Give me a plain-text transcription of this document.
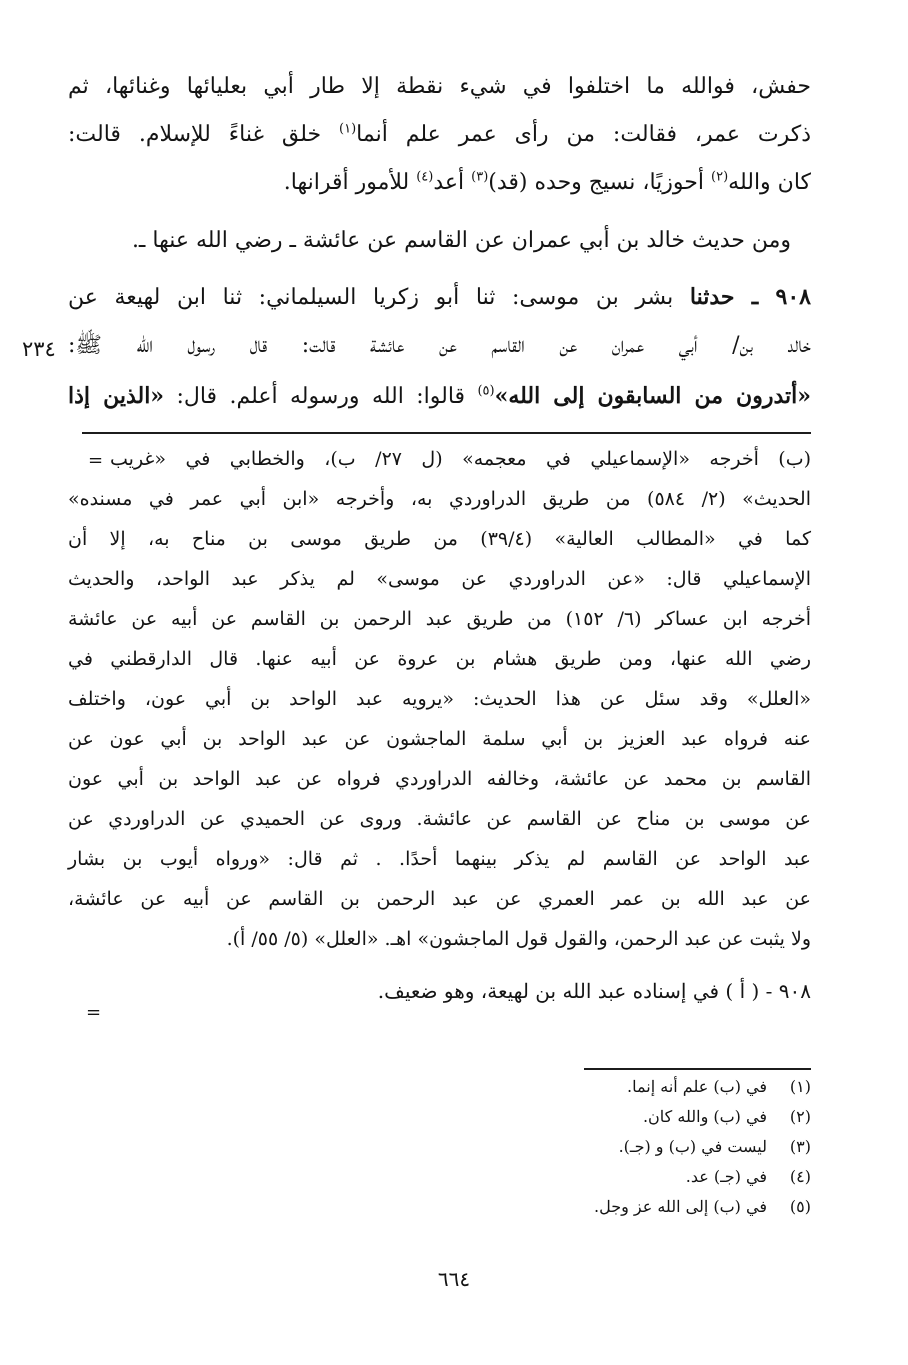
حفش، فوالله ما اختلفوا في شيء نقطة إلا طار أبي بعليائها وغنائها، ثم
ذكرت عمر، فقالت: من رأى عمر علم أنما$^{(١)}$ خلق غناءً للإسلام. قالت:
كان والله$^{(٢)}$ أحوزيًا، نسيج وحده (قد)$^{(٣)}$ أعد$^{(٤)}$ للأمور أقرانها.
ومن حديث خالد بن أبي عمران عن القاسم عن عائشة ـ رضي الله عنها ـ.
٩٠٨ ـ حدثنا بشر بن موسى: ثنا أبو زكريا السيلماني: ثنا ابن لهيعة عن
خالد بن/ أبي عمران عن القاسم عن عائشة قالت: قال رسول الله ﷺ:
٢٣٤
«أتدرون من السابقون إلى الله»$^{(٥)}$ قالوا: الله ورسوله أعلم. قال: «الذين إذا
= (ب) أخرجه «الإسماعيلي في معجمه» (ل ٢٧/ ب)، والخطابي في «غريب
الحديث» (٢/ ٥٨٤) من طريق الدراوردي به، وأخرجه «ابن أبي عمر في مسنده»
كما في «المطالب العالية» (٣٩/٤) من طريق موسى بن مناح به، إلا أن
الإسماعيلي قال: «عن الدراوردي عن موسى» لم يذكر عبد الواحد، والحديث
أخرجه ابن عساكر (٦/ ١٥٢) من طريق عبد الرحمن بن القاسم عن أبيه عن عائشة
رضي الله عنها، ومن طريق هشام بن عروة عن أبيه عنها. قال الدارقطني في
«العلل» وقد سئل عن هذا الحديث: «يرويه عبد الواحد بن أبي عون، واختلف
عنه فرواه عبد العزيز بن أبي سلمة الماجشون عن عبد الواحد بن أبي عون عن
القاسم بن محمد عن عائشة، وخالفه الدراوردي فرواه عن عبد الواحد بن أبي عون
عن موسى بن مناح عن القاسم عن عائشة. وروى عن الحميدي عن الدراوردي عن
عبد الواحد عن القاسم لم يذكر بينهما أحدًا. . ثم قال: «ورواه أيوب بن بشار
عن عبد الله بن عمر العمري عن عبد الرحمن بن القاسم عن أبيه عن عائشة،
ولا يثبت عن عبد الرحمن، والقول قول الماجشون» اهـ. «العلل» (٥/ ٥٥/ أ).
٩٠٨ - ( أ ) في إسناده عبد الله بن لهيعة، وهو ضعيف.
=
(١)
في (ب) علم أنه إنما.
(٢)
في (ب) والله كان.
(٣)
ليست في (ب) و (جـ).
(٤)
في (جـ) عد.
(٥)
في (ب) إلى الله عز وجل.
٦٦٤
